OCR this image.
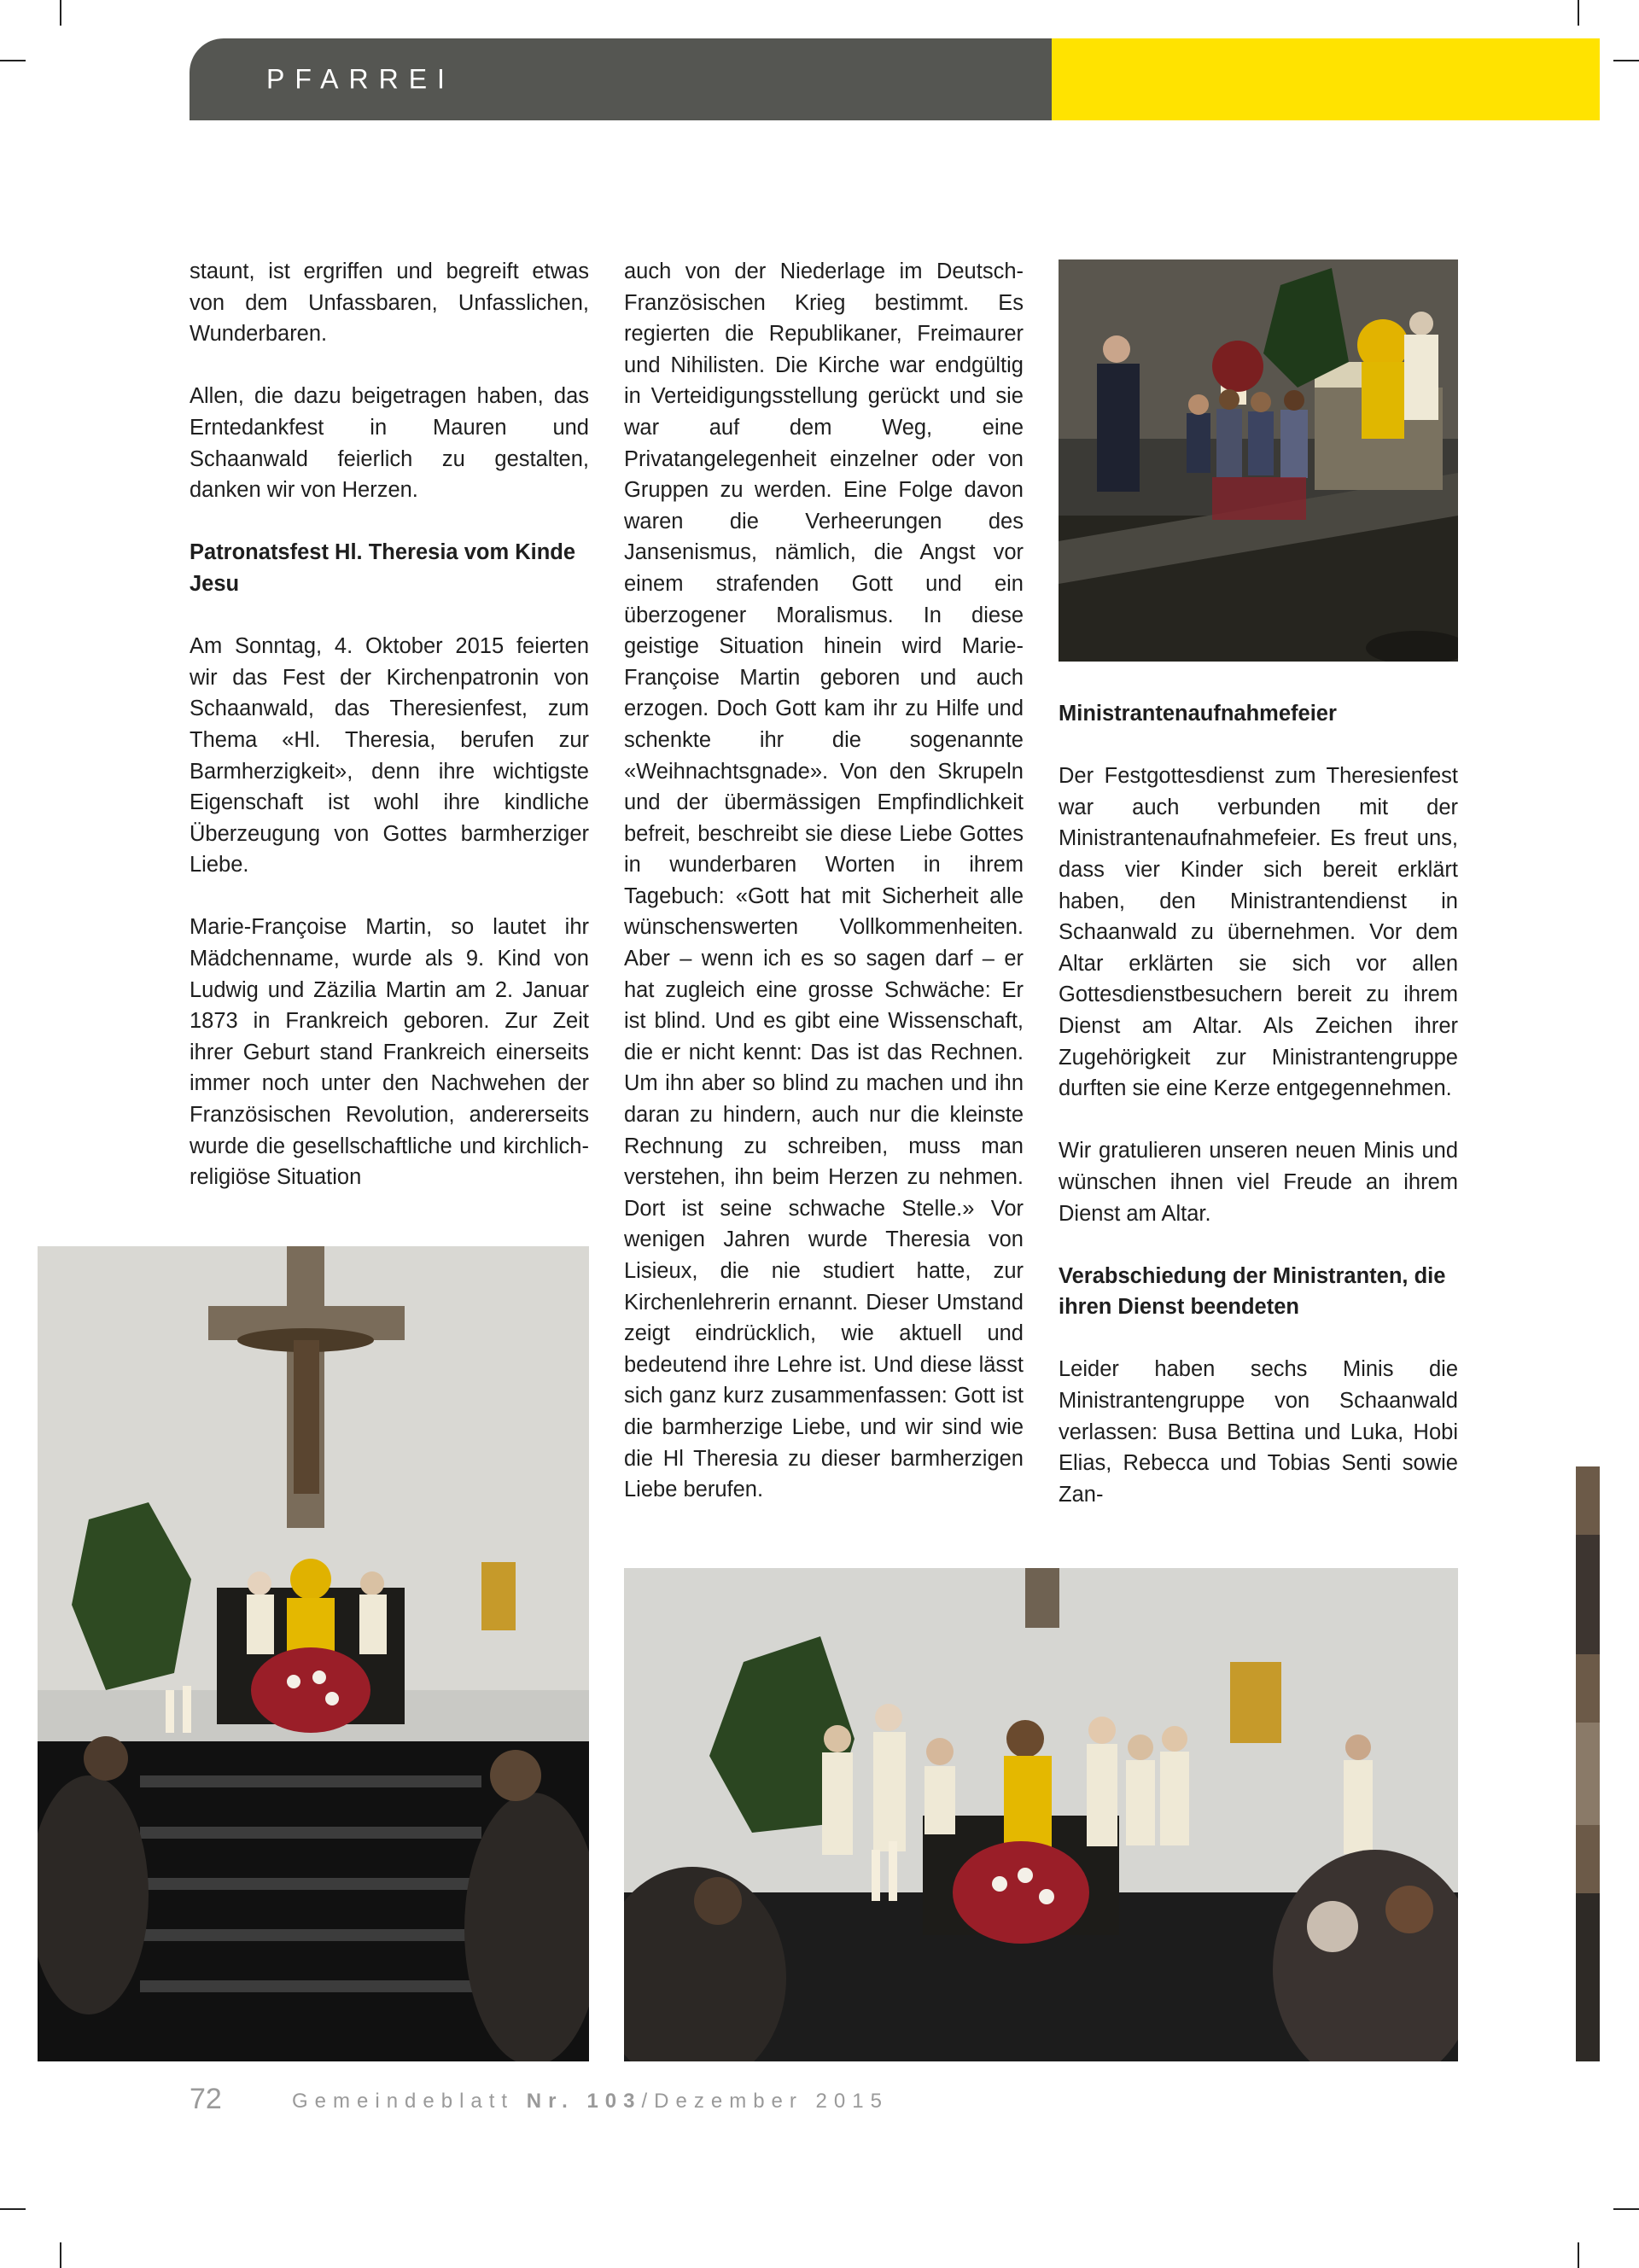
PFARREI

staunt, ist ergriffen und begreift etwas von dem Unfassbaren, Unfasslichen, Wunderbaren.

Allen, die dazu beigetragen haben, das Erntedankfest in Mauren und Schaanwald feierlich zu gestalten, danken wir von Herzen.

Patronatsfest Hl. Theresia vom Kinde Jesu

Am Sonntag, 4. Oktober 2015 feierten wir das Fest der Kirchenpatronin von Schaanwald, das Theresienfest, zum Thema «Hl. Theresia, berufen zur Barmherzigkeit», denn ihre wichtigste Eigenschaft ist wohl ihre kindliche Überzeugung von Gottes barmherziger Liebe.

Marie-Françoise Martin, so lautet ihr Mädchenname, wurde als 9. Kind von Ludwig und Zäzilia Martin am 2. Januar 1873 in Frankreich geboren. Zur Zeit ihrer Geburt stand Frankreich einerseits immer noch unter den Nachwehen der Französischen Revolution, andererseits wurde die gesellschaftliche und kirchlich-religiöse Situation

auch von der Niederlage im Deutsch-Französischen Krieg bestimmt. Es regierten die Republikaner, Freimaurer und Nihilisten. Die Kirche war endgültig in Verteidigungsstellung gerückt und sie war auf dem Weg, eine Privatangelegenheit einzelner oder von Gruppen zu werden. Eine Folge davon waren die Verheerungen des Jansenismus, nämlich, die Angst vor einem strafenden Gott und ein überzogener Moralismus. In diese geistige Situation hinein wird Marie-Françoise Martin geboren und auch erzogen. Doch Gott kam ihr zu Hilfe und schenkte ihr die sogenannte «Weihnachtsgnade». Von den Skrupeln und der übermässigen Empfindlichkeit befreit, beschreibt sie diese Liebe Gottes in wunderbaren Worten in ihrem Tagebuch: «Gott hat mit Sicherheit alle wünschenswerten Vollkommenheiten. Aber – wenn ich es so sagen darf – er hat zugleich eine grosse Schwäche: Er ist blind. Und es gibt eine Wissenschaft, die er nicht kennt: Das ist das Rechnen. Um ihn aber so blind zu machen und ihn daran zu hindern, auch nur die kleinste Rechnung zu schreiben, muss man verstehen, ihn beim Herzen zu nehmen. Dort ist seine schwache Stelle.» Vor wenigen Jahren wurde Theresia von Lisieux, die nie studiert hatte, zur Kirchenlehrerin ernannt. Dieser Umstand zeigt eindrücklich, wie aktuell und bedeutend ihre Lehre ist. Und diese lässt sich ganz kurz zusammenfassen: Gott ist die barmherzige Liebe, und wir sind wie die Hl Theresia zu dieser barmherzigen Liebe berufen.

Ministrantenaufnahmefeier

Der Festgottesdienst zum Theresienfest war auch verbunden mit der Ministrantenaufnahmefeier. Es freut uns, dass vier Kinder sich bereit erklärt haben, den Ministrantendienst in Schaanwald zu übernehmen. Vor dem Altar erklärten sie sich vor allen Gottesdienstbesuchern bereit zu ihrem Dienst am Altar. Als Zeichen ihrer Zugehörigkeit zur Ministrantengruppe durften sie eine Kerze entgegennehmen.

Wir gratulieren unseren neuen Minis und wünschen ihnen viel Freude an ihrem Dienst am Altar.

Verabschiedung der Ministranten, die ihren Dienst beendeten

Leider haben sechs Minis die Ministrantengruppe von Schaanwald verlassen: Busa Bettina und Luka, Hobi Elias, Rebecca und Tobias Senti sowie Zan-

72	Gemeindeblatt Nr. 103/Dezember 2015
